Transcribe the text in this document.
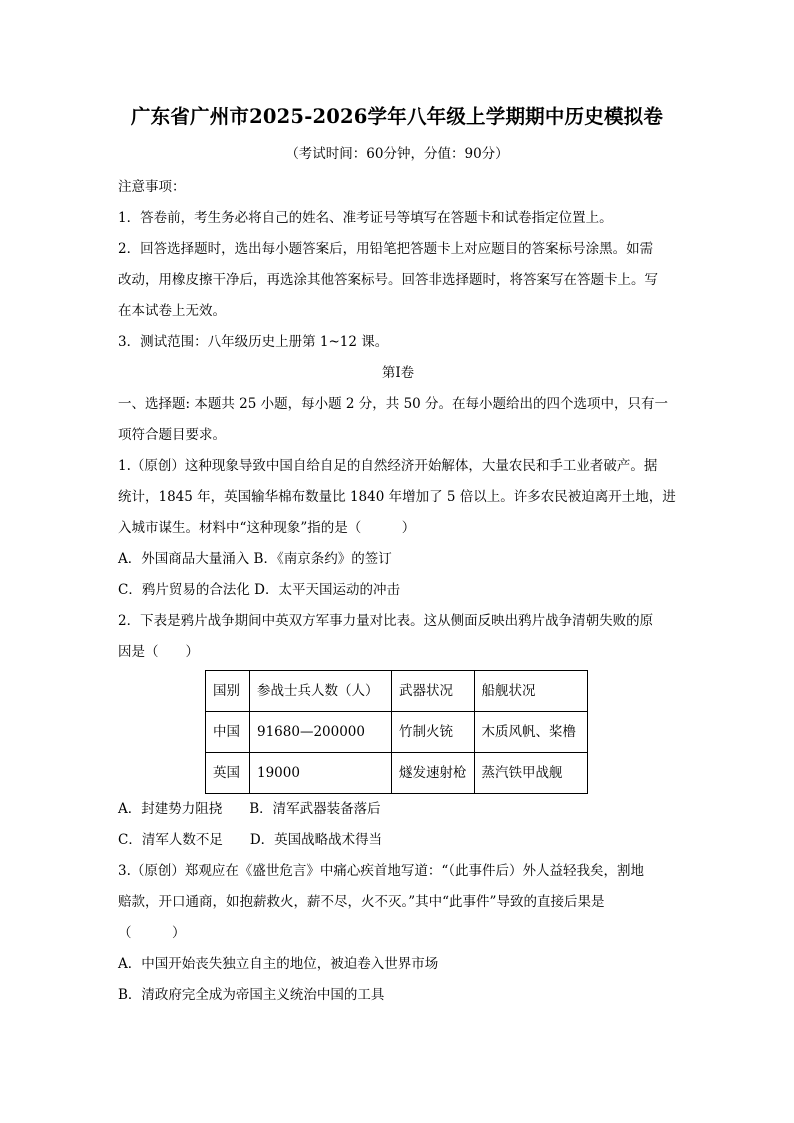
广东省广州市2025-2026学年八年级上学期期中历史模拟卷
（考试时间：60分钟，分值：90分）

注意事项：

1．答卷前，考生务必将自己的姓名、准考证号等填写在答题卡和试卷指定位置上。

2．回答选择题时，选出每小题答案后，用铅笔把答题卡上对应题目的答案标号涂黑。如需

改动，用橡皮擦干净后，再选涂其他答案标号。回答非选择题时，将答案写在答题卡上。写

在本试卷上无效。

3．测试范围：八年级历史上册第 1~12 课。

第Ⅰ卷

一、选择题: 本题共 25 小题，每小题 2 分，共 50 分。在每小题给出的四个选项中，只有一

项符合题目要求。

1.（原创）这种现象导致中国自给自足的自然经济开始解体，大量农民和手工业者破产。据

统计，1845 年，英国输华棉布数量比 1840 年增加了 5 倍以上。许多农民被迫离开土地，进

入城市谋生。材料中“这种现象”指的是（　　　）

A．外国商品大量涌入 B．《南京条约》的签订

C．鸦片贸易的合法化 D．太平天国运动的冲击

2．下表是鸦片战争期间中英双方军事力量对比表。这从侧面反映出鸦片战争清朝失败的原

因是（　　）

国别	参战士兵人数（人）	武器状况	船舰状况
中国	91680—200000	竹制火铳	木质风帆、桨橹
英国	19000	燧发速射枪	蒸汽铁甲战舰

A．封建势力阻挠　　B．清军武器装备落后

C．清军人数不足　　D．英国战略战术得当

3.（原创）郑观应在《盛世危言》中痛心疾首地写道：“（此事件后）外人益轻我矣，割地

赔款，开口通商，如抱薪救火，薪不尽，火不灭。”其中“此事件”导致的直接后果是

（　　　）

A．中国开始丧失独立自主的地位，被迫卷入世界市场

B．清政府完全成为帝国主义统治中国的工具
